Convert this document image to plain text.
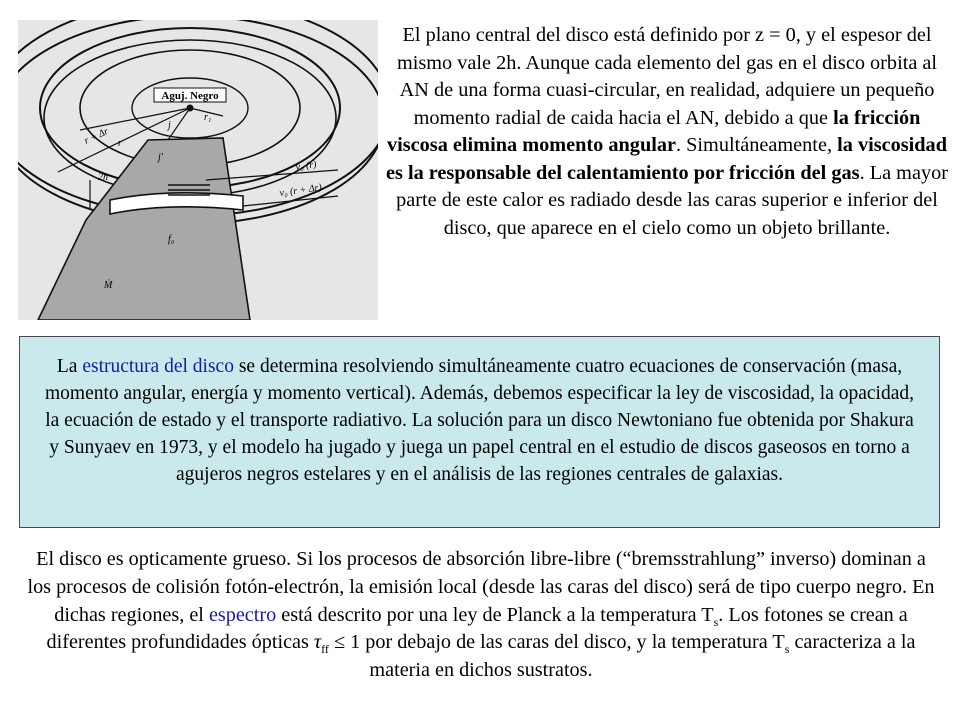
Aguj. Negro
r + Δr r
r₁
j
j'
2h
v₀ (r)
v₀ (r + Δr)
f₀
Ṁ
El plano central del disco está definido por z = 0, y el espesor del mismo vale 2h. Aunque cada elemento del gas en el disco orbita al AN de una forma cuasi-circular, en realidad, adquiere un pequeño momento radial de caida hacia el AN, debido a que la fricción viscosa elimina momento angular. Simultáneamente, la viscosidad es la responsable del calentamiento por fricción del gas. La mayor parte de este calor es radiado desde las caras superior e inferior del disco, que aparece en el cielo como un objeto brillante.
La estructura del disco se determina resolviendo simultáneamente cuatro ecuaciones de conservación (masa, momento angular, energía y momento vertical). Además, debemos especificar la ley de viscosidad, la opacidad, la ecuación de estado y el transporte radiativo. La solución para un disco Newtoniano fue obtenida por Shakura y Sunyaev en 1973, y el modelo ha jugado y juega un papel central en el estudio de discos gaseosos en torno a agujeros negros estelares y en el análisis de las regiones centrales de galaxias.
El disco es opticamente grueso. Si los procesos de absorción libre-libre (“bremsstrahlung” inverso) dominan a los procesos de colisión fotón-electrón, la emisión local (desde las caras del disco) será de tipo cuerpo negro. En dichas regiones, el espectro está descrito por una ley de Planck a la temperatura $T_s$. Los fotones se crean a diferentes profundidades ópticas $\tau_{ff} \le 1$ por debajo de las caras del disco, y la temperatura $T_s$ caracteriza a la materia en dichos sustratos.
